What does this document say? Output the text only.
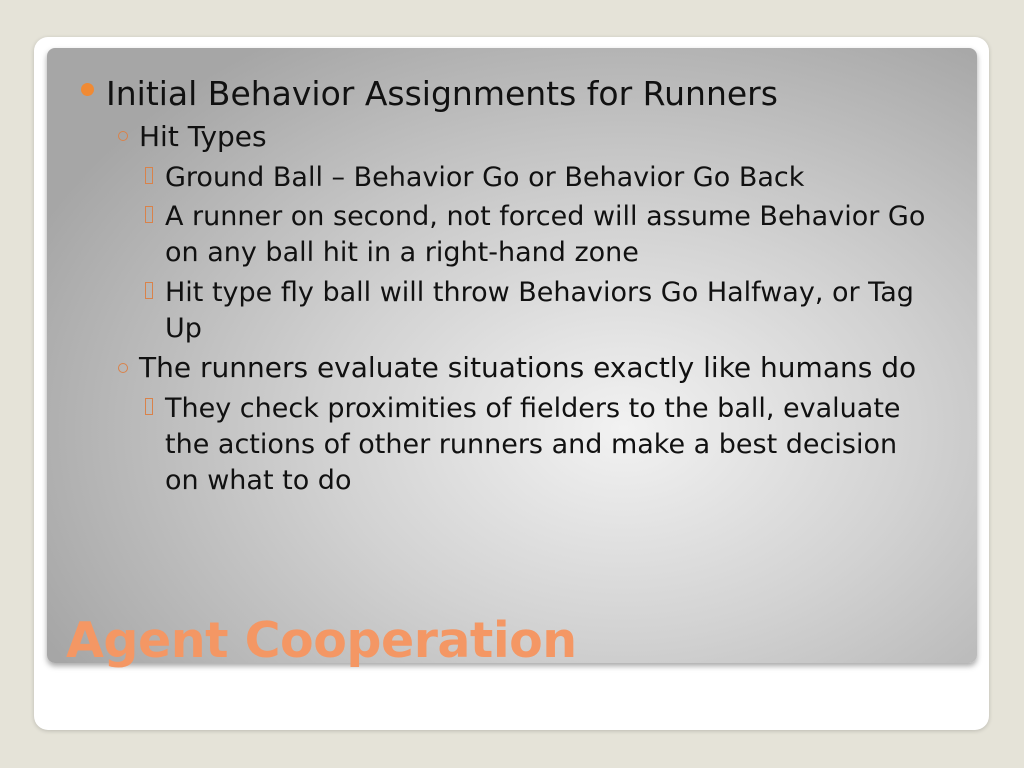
Initial Behavior Assignments for Runners
Hit Types
Ground Ball – Behavior Go or Behavior Go Back
A runner on second, not forced will assume Behavior Go
on any ball hit in a right-hand zone
Hit type fly ball will throw Behaviors Go Halfway, or Tag
Up
The runners evaluate situations exactly like humans do
They check proximities of fielders to the ball, evaluate
the actions of other runners and make a best decision
on what to do
Agent Cooperation
